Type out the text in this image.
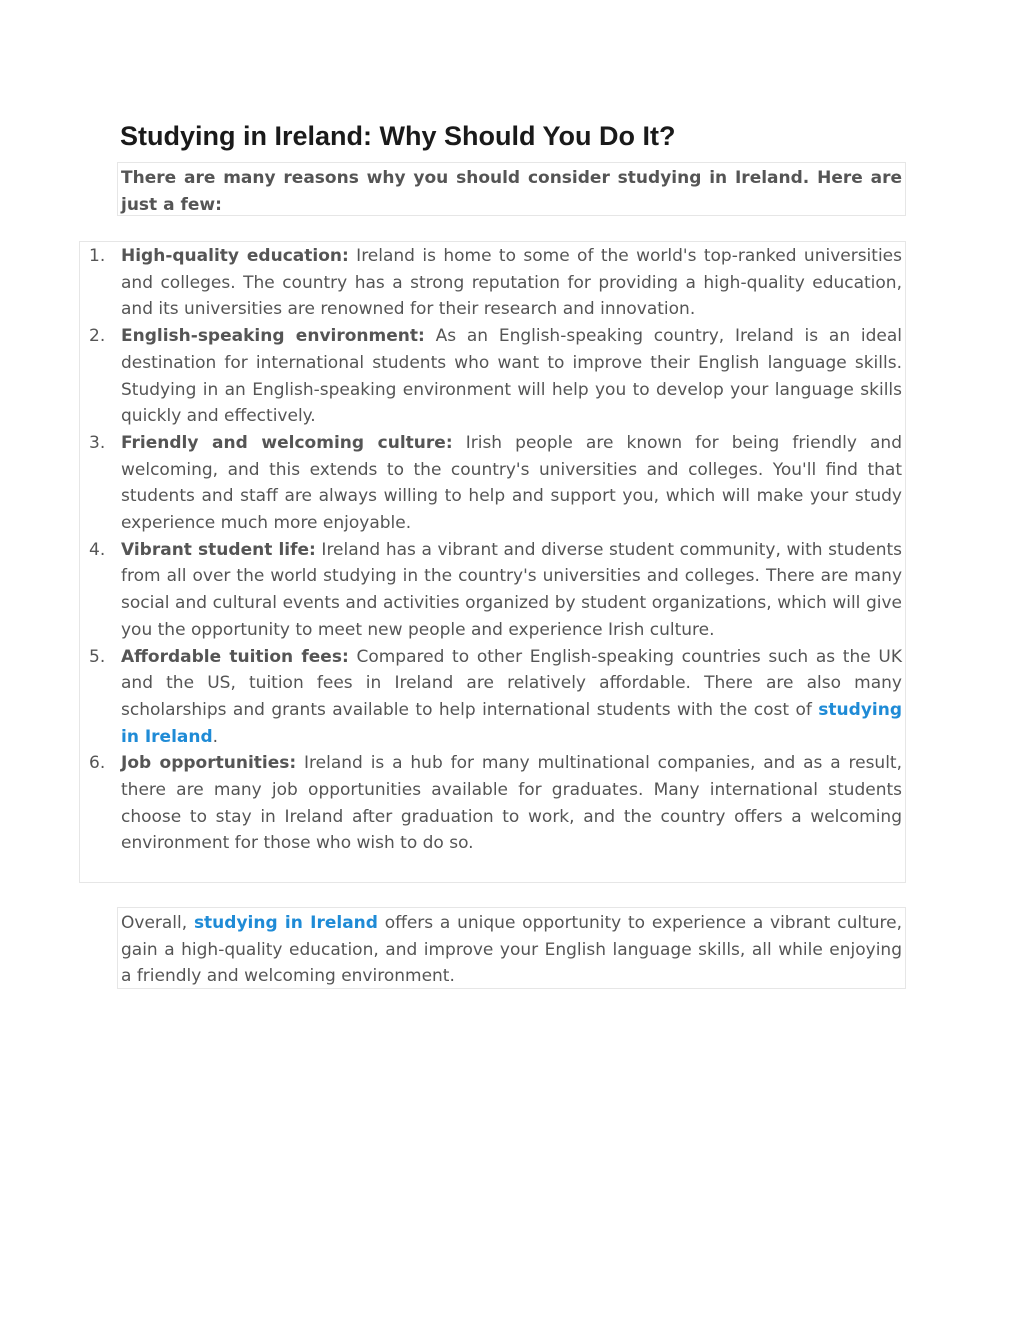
Studying in Ireland: Why Should You Do It?
There are many reasons why you should consider studying in Ireland. Here are just a few:
1. High-quality education: Ireland is home to some of the world's top-ranked universities and colleges. The country has a strong reputation for providing a high-quality education, and its universities are renowned for their research and innovation.
2. English-speaking environment: As an English-speaking country, Ireland is an ideal destination for international students who want to improve their English language skills. Studying in an English-speaking environment will help you to develop your language skills quickly and effectively.
3. Friendly and welcoming culture: Irish people are known for being friendly and welcoming, and this extends to the country's universities and colleges. You'll find that students and staff are always willing to help and support you, which will make your study experience much more enjoyable.
4. Vibrant student life: Ireland has a vibrant and diverse student community, with students from all over the world studying in the country's universities and colleges. There are many social and cultural events and activities organized by student organizations, which will give you the opportunity to meet new people and experience Irish culture.
5. Affordable tuition fees: Compared to other English-speaking countries such as the UK and the US, tuition fees in Ireland are relatively affordable. There are also many scholarships and grants available to help international students with the cost of studying in Ireland.
6. Job opportunities: Ireland is a hub for many multinational companies, and as a result, there are many job opportunities available for graduates. Many international students choose to stay in Ireland after graduation to work, and the country offers a welcoming environment for those who wish to do so.
Overall, studying in Ireland offers a unique opportunity to experience a vibrant culture, gain a high-quality education, and improve your English language skills, all while enjoying a friendly and welcoming environment.
